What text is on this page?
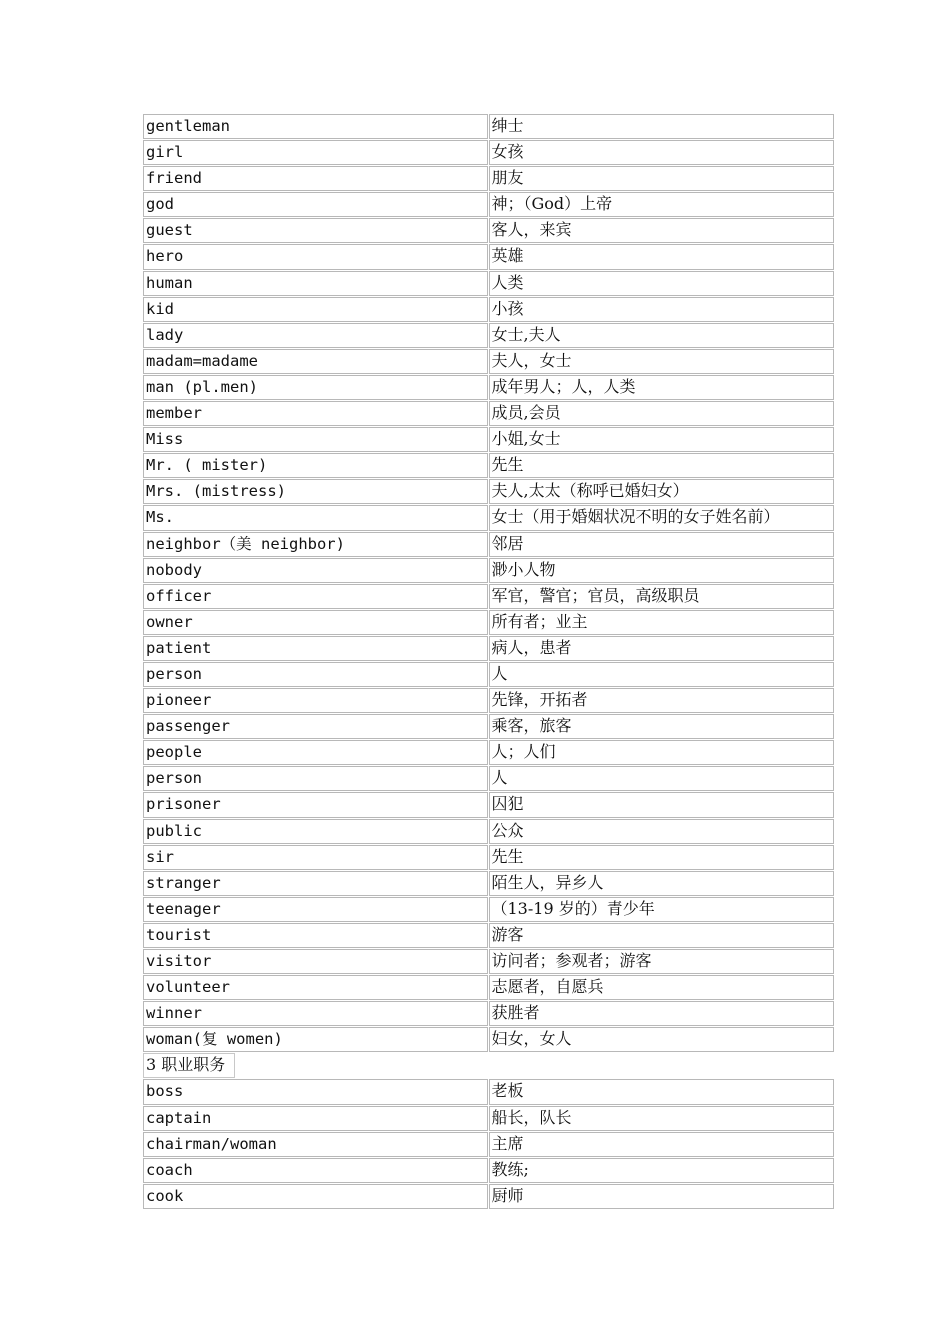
gentleman	绅士
girl	女孩
friend	朋友
god	神；（God）上帝
guest	客人，来宾
hero	英雄
human	人类
kid	小孩
lady	女士,夫人
madam=madame	夫人，女士
man (pl.men)	成年男人；人，人类
member	成员,会员
Miss	小姐,女士
Mr. ( mister)	先生
Mrs. (mistress)	夫人,太太（称呼已婚妇女）
Ms.	女士（用于婚姻状况不明的女子姓名前）
neighbor（美 neighbor)	邻居
nobody	渺小人物
officer	军官，警官；官员，高级职员
owner	所有者；业主
patient	病人，患者
person	人
pioneer	先锋，开拓者
passenger	乘客，旅客
people	人；人们
person	人
prisoner	囚犯
public	公众
sir	先生
stranger	陌生人，异乡人
teenager	（13-19 岁的）青少年
tourist	游客
visitor	访问者；参观者；游客
volunteer	志愿者，自愿兵
winner	获胜者
woman(复 women)	妇女，女人
3 职业职务
boss	老板
captain	船长，队长
chairman/woman	主席
coach	教练;
cook	厨师
